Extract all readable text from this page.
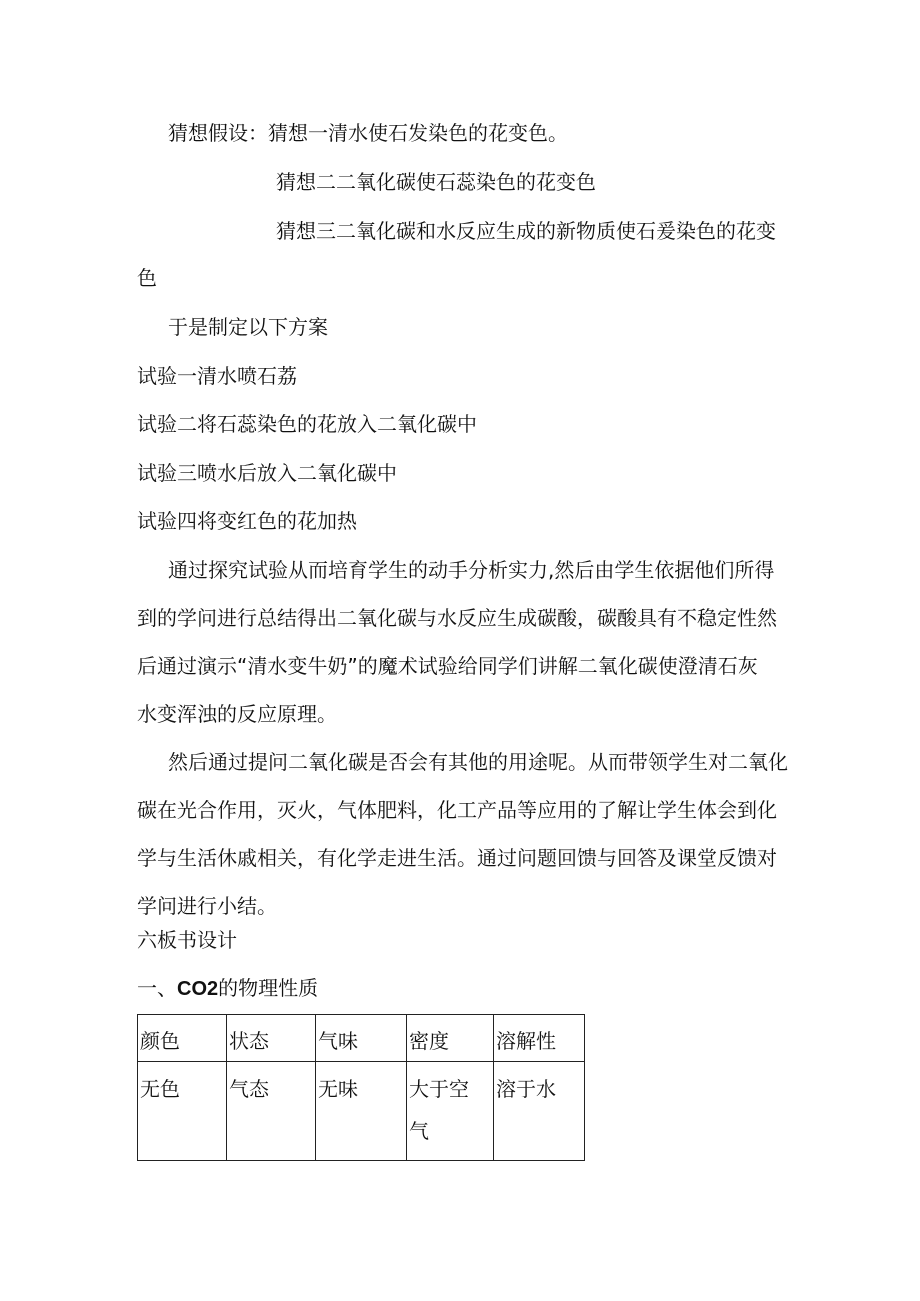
猜想假设：猜想一清水使石发染色的花变色。
猜想二二氧化碳使石蕊染色的花变色
猜想三二氧化碳和水反应生成的新物质使石爰染色的花变
色
于是制定以下方案
试验一清水喷石荔
试验二将石蕊染色的花放入二氧化碳中
试验三喷水后放入二氧化碳中
试验四将变红色的花加热
通过探究试验从而培育学生的动手分析实力,然后由学生依据他们所得
到的学问进行总结得出二氧化碳与水反应生成碳酸，碳酸具有不稳定性然
后通过演示“清水变牛奶”的魔术试验给同学们讲解二氧化碳使澄清石灰
水变浑浊的反应原理。
然后通过提问二氧化碳是否会有其他的用途呢。从而带领学生对二氧化
碳在光合作用，灭火，气体肥料，化工产品等应用的了解让学生体会到化
学与生活休戚相关，有化学走进生活。通过问题回馈与回答及课堂反馈对
学问进行小结。
六板书设计
一、CO2的物理性质
颜色	状态	气味	密度	溶解性
无色	气态	无味	大于空气	溶于水
